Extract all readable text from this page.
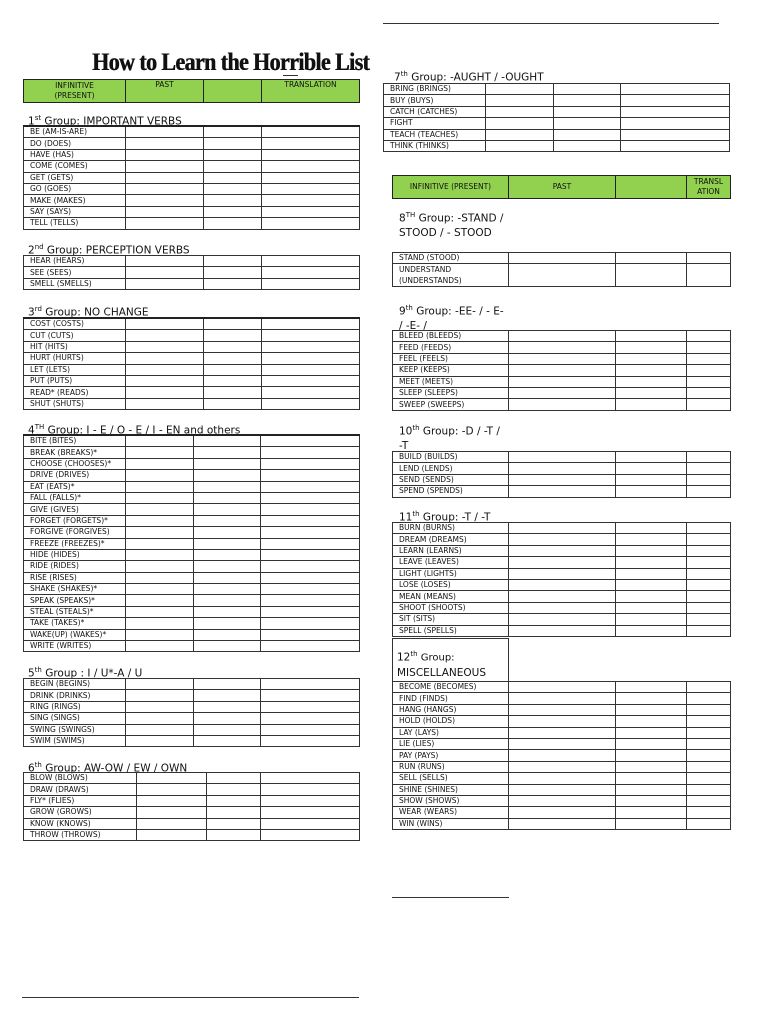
How to Learn the Horrible List
INFINITIVE (PRESENT)	PAST		TRANSLATION
INFINITIVE (PRESENT)	PAST		TRANSL ATION
1st Group: IMPORTANT VERBS
2nd Group: PERCEPTION VERBS
3rd Group: NO CHANGE
4TH Group: I - E / O - E / I - EN and others
5th Group : I / U*-A / U
6th Group: AW-OW / EW / OWN
7th Group: -AUGHT / -OUGHT
8TH Group: -STAND / STOOD / - STOOD
9th Group: -EE- / - E- / -E- /
10th Group: -D / -T / -T
11th Group: -T / -T
12th Group:
MISCELLANEOUS
BE (AM-IS-ARE)			
DO (DOES)			
HAVE (HAS)			
COME (COMES)			
GET (GETS)			
GO (GOES)			
MAKE (MAKES)			
SAY (SAYS)			
TELL (TELLS)			
HEAR (HEARS)			
SEE (SEES)			
SMELL (SMELLS)			
COST (COSTS)			
CUT (CUTS)			
HIT (HITS)			
HURT (HURTS)			
LET (LETS)			
PUT (PUTS)			
READ* (READS)			
SHUT (SHUTS)			
BITE (BITES)			
BREAK (BREAKS)*			
CHOOSE (CHOOSES)*			
DRIVE (DRIVES)			
EAT (EATS)*			
FALL (FALLS)*			
GIVE (GIVES)			
FORGET (FORGETS)*			
FORGIVE (FORGIVES)			
FREEZE (FREEZES)*			
HIDE (HIDES)			
RIDE (RIDES)			
RISE (RISES)			
SHAKE (SHAKES)*			
SPEAK (SPEAKS)*			
STEAL (STEALS)*			
TAKE (TAKES)*			
WAKE(UP) (WAKES)*			
WRITE (WRITES)			
BEGIN (BEGINS)			
DRINK (DRINKS)			
RING (RINGS)			
SING (SINGS)			
SWING (SWINGS)			
SWIM (SWIMS)			
BLOW (BLOWS)			
DRAW (DRAWS)			
FLY* (FLIES)			
GROW (GROWS)			
KNOW (KNOWS)			
THROW (THROWS)			
BRING (BRINGS)			
BUY (BUYS)			
CATCH (CATCHES)			
FIGHT			
TEACH (TEACHES)			
THINK (THINKS)			
STAND (STOOD)			
UNDERSTAND (UNDERSTANDS)			
BLEED (BLEEDS)			
FEED (FEEDS)			
FEEL (FEELS)			
KEEP (KEEPS)			
MEET (MEETS)			
SLEEP (SLEEPS)			
SWEEP (SWEEPS)			
BUILD (BUILDS)			
LEND (LENDS)			
SEND (SENDS)			
SPEND (SPENDS)			
BURN (BURNS)			
DREAM (DREAMS)			
LEARN (LEARNS)			
LEAVE (LEAVES)			
LIGHT (LIGHTS)			
LOSE (LOSES)			
MEAN (MEANS)			
SHOOT (SHOOTS)			
SIT (SITS)			
SPELL (SPELLS)			
BECOME (BECOMES)			
FIND (FINDS)			
HANG (HANGS)			
HOLD (HOLDS)			
LAY (LAYS)			
LIE (LIES)			
PAY (PAYS)			
RUN (RUNS)			
SELL (SELLS)			
SHINE (SHINES)			
SHOW (SHOWS)			
WEAR (WEARS)			
WIN (WINS)			
